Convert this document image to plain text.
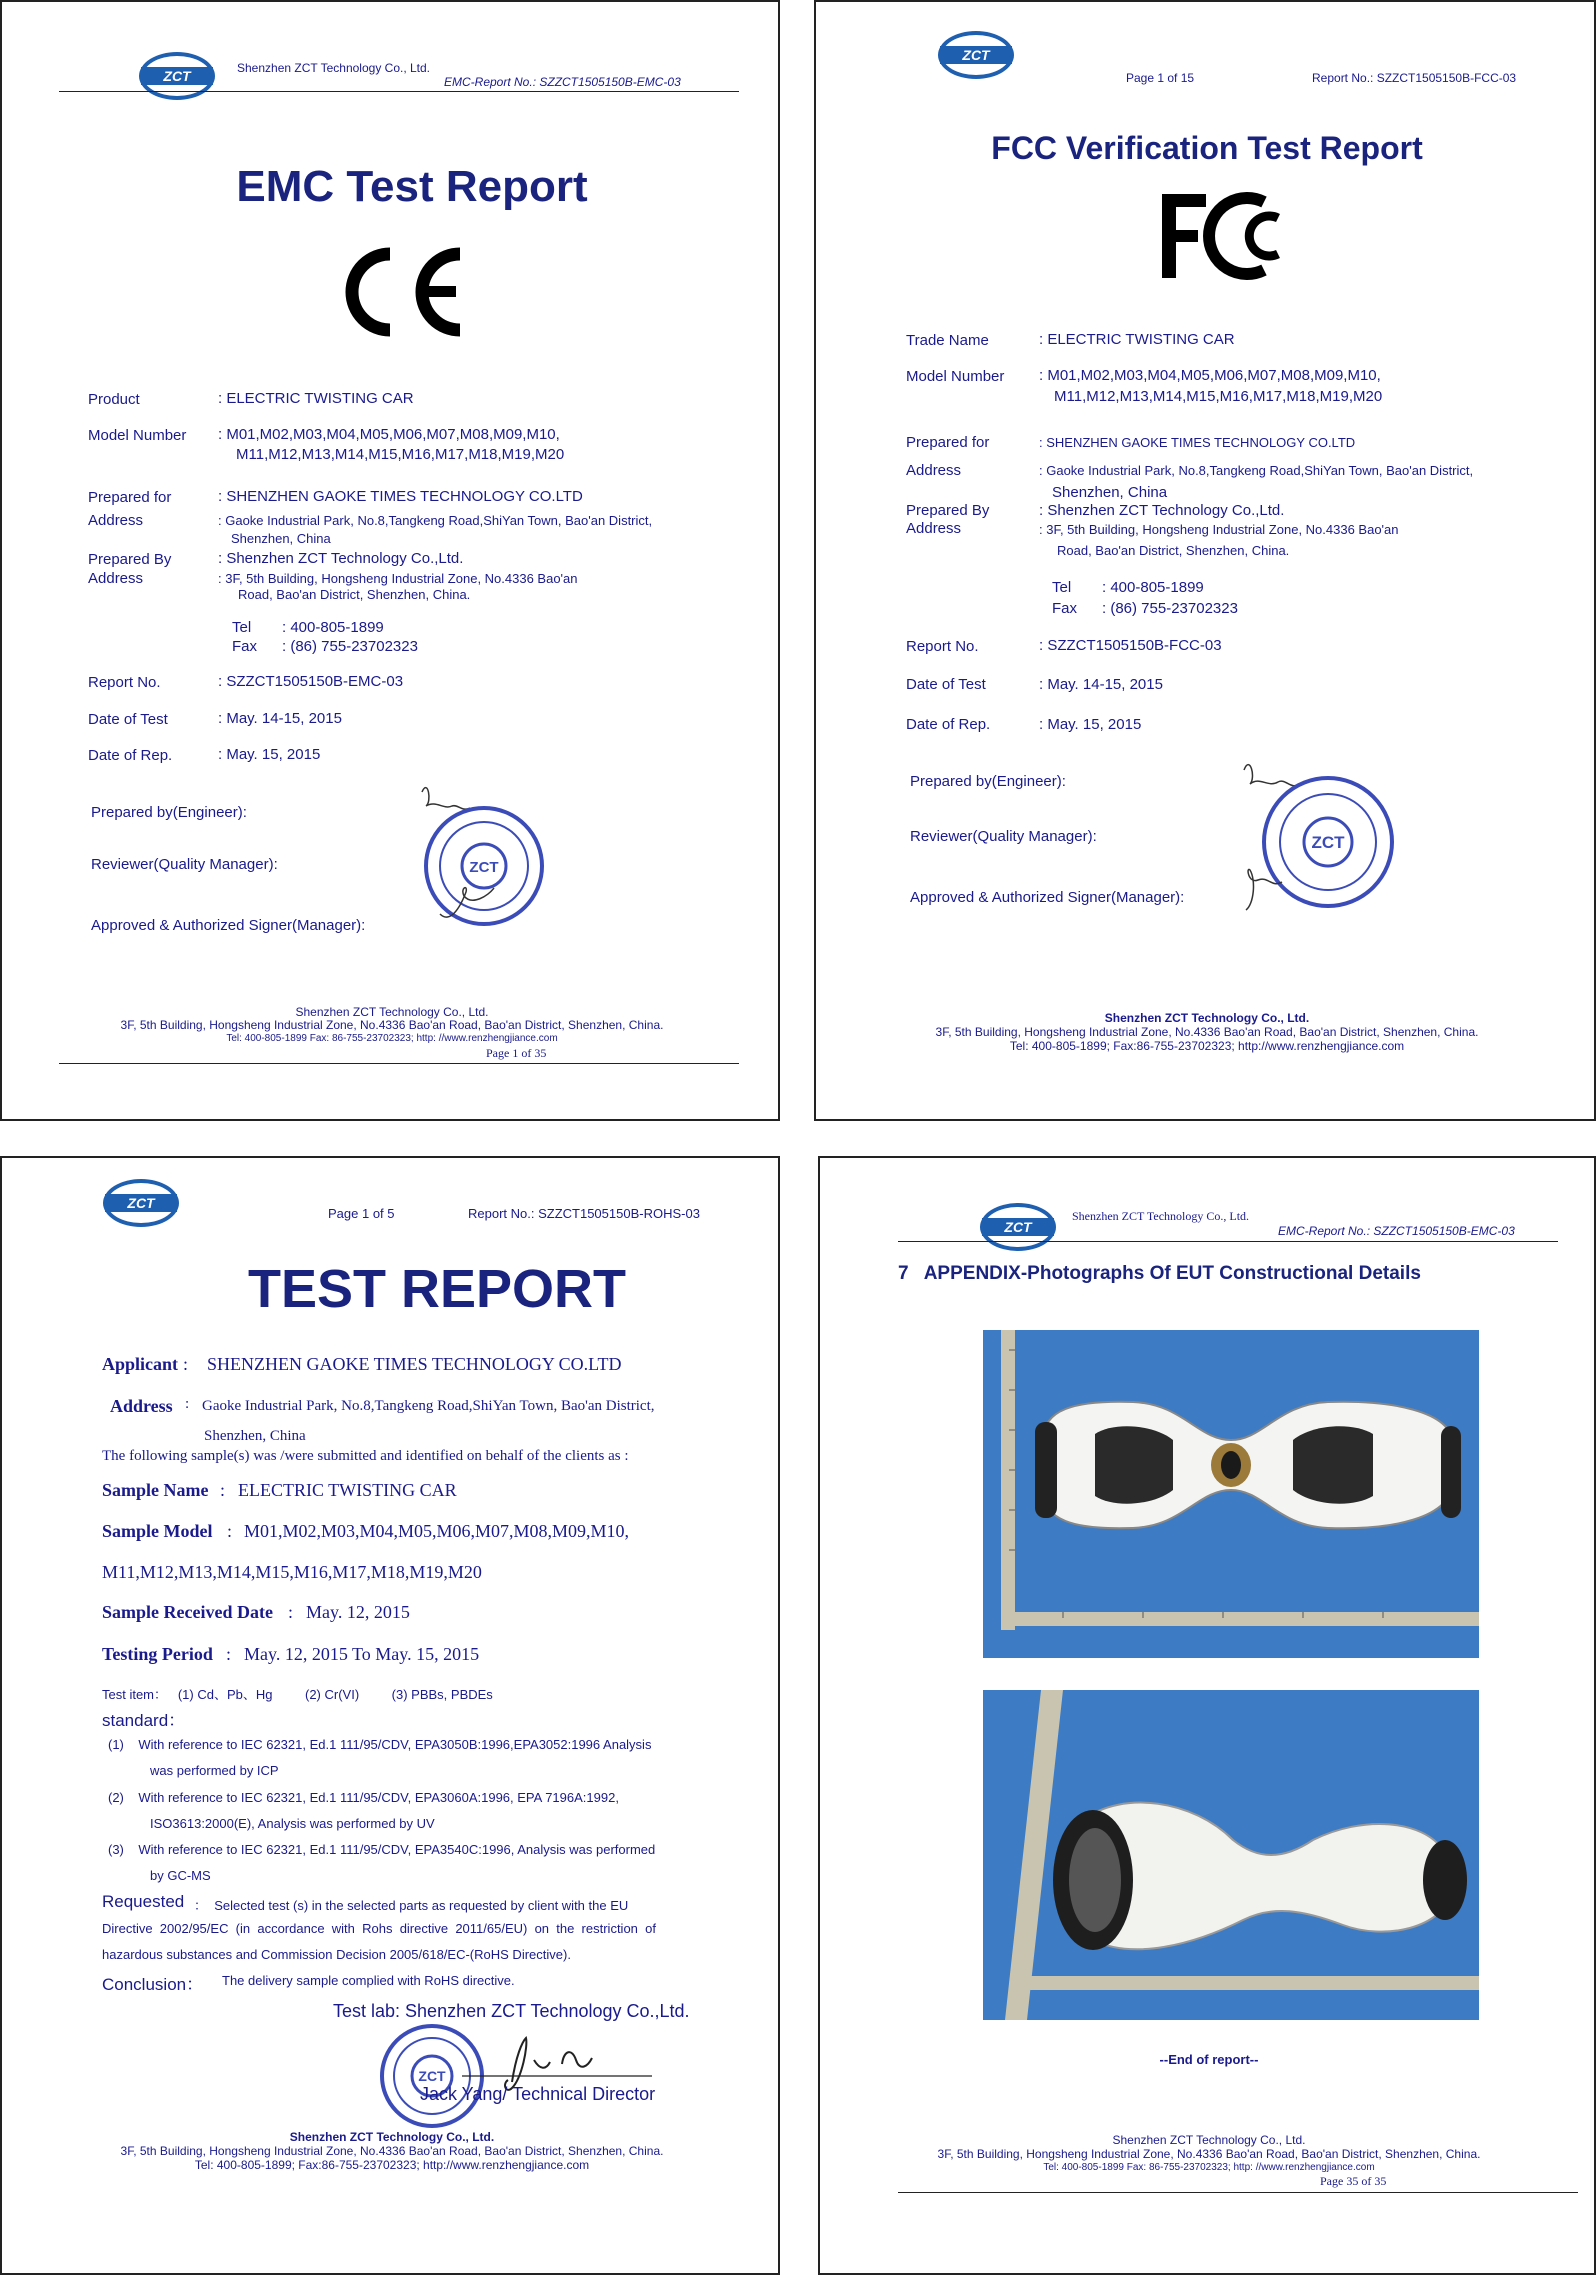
ZCT	Shenzhen ZCT Technology Co., Ltd.
EMC-Report No.: SZZCT1505150B-EMC-03
EMC Test Report
Product	: ELECTRIC TWISTING CAR
Model Number : M01,M02,M03,M04,M05,M06,M07,M08,M09,M10,
M11,M12,M13,M14,M15,M16,M17,M18,M19,M20
Prepared for	: SHENZHEN GAOKE TIMES TECHNOLOGY CO.LTD
Address	: Gaoke Industrial Park, No.8,Tangkeng Road,ShiYan Town, Bao'an District,
Shenzhen, China
Prepared By	: Shenzhen ZCT Technology Co.,Ltd.
Address	: 3F, 5th Building, Hongsheng Industrial Zone, No.4336 Bao'an
Road, Bao'an District, Shenzhen, China.
Tel : 400-805-1899
Fax : (86) 755-23702323
Report No.	: SZZCT1505150B-EMC-03
Date of Test	: May. 14-15, 2015
Date of Rep.	: May. 15, 2015
Prepared by(Engineer):
Reviewer(Quality Manager):
Approved & Authorized Signer(Manager):
ZCT
Shenzhen ZCT Technology Co., Ltd.
3F, 5th Building, Hongsheng Industrial Zone, No.4336 Bao'an Road, Bao'an District, Shenzhen, China.
Tel: 400-805-1899 Fax: 86-755-23702323; http: //www.renzhengjiance.com
Page 1 of 35
ZCT
Page 1 of 15	Report No.: SZZCT1505150B-FCC-03
FCC Verification Test Report
Trade Name	: ELECTRIC TWISTING CAR
Model Number : M01,M02,M03,M04,M05,M06,M07,M08,M09,M10,
M11,M12,M13,M14,M15,M16,M17,M18,M19,M20
Prepared for	: SHENZHEN GAOKE TIMES TECHNOLOGY CO.LTD
Address	: Gaoke Industrial Park, No.8,Tangkeng Road,ShiYan Town, Bao'an District,
Shenzhen, China
Prepared By	: Shenzhen ZCT Technology Co.,Ltd.
Address	: 3F, 5th Building, Hongsheng Industrial Zone, No.4336 Bao'an
Road, Bao'an District, Shenzhen, China.
Tel : 400-805-1899
Fax : (86) 755-23702323
Report No.	: SZZCT1505150B-FCC-03
Date of Test	: May. 14-15, 2015
Date of Rep.	: May. 15, 2015
Prepared by(Engineer):
Reviewer(Quality Manager):
Approved & Authorized Signer(Manager):
ZCT
Shenzhen ZCT Technology Co., Ltd.
3F, 5th Building, Hongsheng Industrial Zone, No.4336 Bao'an Road, Bao'an District, Shenzhen, China.
Tel: 400-805-1899; Fax:86-755-23702323; http://www.renzhengjiance.com
ZCT
Page 1 of 5	Report No.: SZZCT1505150B-ROHS-03
TEST REPORT
Applicant : SHENZHEN GAOKE TIMES TECHNOLOGY CO.LTD
Address : Gaoke Industrial Park, No.8,Tangkeng Road,ShiYan Town, Bao'an District,
Shenzhen, China
The following sample(s) was /were submitted and identified on behalf of the clients as :
Sample Name : ELECTRIC TWISTING CAR
Sample Model : M01,M02,M03,M04,M05,M06,M07,M08,M09,M10,
M11,M12,M13,M14,M15,M16,M17,M18,M19,M20
Sample Received Date : May. 12, 2015
Testing Period : May. 12, 2015 To May. 15, 2015
Test item：   (1) Cd、Pb、Hg         (2) Cr(VI)         (3) PBBs, PBDEs
standard：
(1)    With reference to IEC 62321, Ed.1 111/95/CDV, EPA3050B:1996,EPA3052:1996 Analysis
was performed by ICP
(2)    With reference to IEC 62321, Ed.1 111/95/CDV, EPA3060A:1996, EPA 7196A:1992,
ISO3613:2000(E), Analysis was performed by UV
(3)    With reference to IEC 62321, Ed.1 111/95/CDV, EPA3540C:1996, Analysis was performed
by GC-MS
Requested ：  Selected test (s) in the selected parts as requested by client with the EU
Directive  2002/95/EC  (in  accordance  with  Rohs  directive  2011/65/EU)  on  the  restriction  of
hazardous substances and Commission Decision 2005/618/EC-(RoHS Directive).
Conclusion： The delivery sample complied with RoHS directive.
Test lab: Shenzhen ZCT Technology Co.,Ltd.
ZCT
Jack Yang/ Technical Director
Shenzhen ZCT Technology Co., Ltd.
3F, 5th Building, Hongsheng Industrial Zone, No.4336 Bao'an Road, Bao'an District, Shenzhen, China.
Tel: 400-805-1899; Fax:86-755-23702323; http://www.renzhengjiance.com
ZCT
Shenzhen ZCT Technology Co., Ltd.
EMC-Report No.: SZZCT1505150B-EMC-03
7   APPENDIX-Photographs Of EUT Constructional Details
--End of report--
Shenzhen ZCT Technology Co., Ltd.
3F, 5th Building, Hongsheng Industrial Zone, No.4336 Bao'an Road, Bao'an District, Shenzhen, China.
Tel: 400-805-1899 Fax: 86-755-23702323; http: //www.renzhengjiance.com
Page 35 of 35
